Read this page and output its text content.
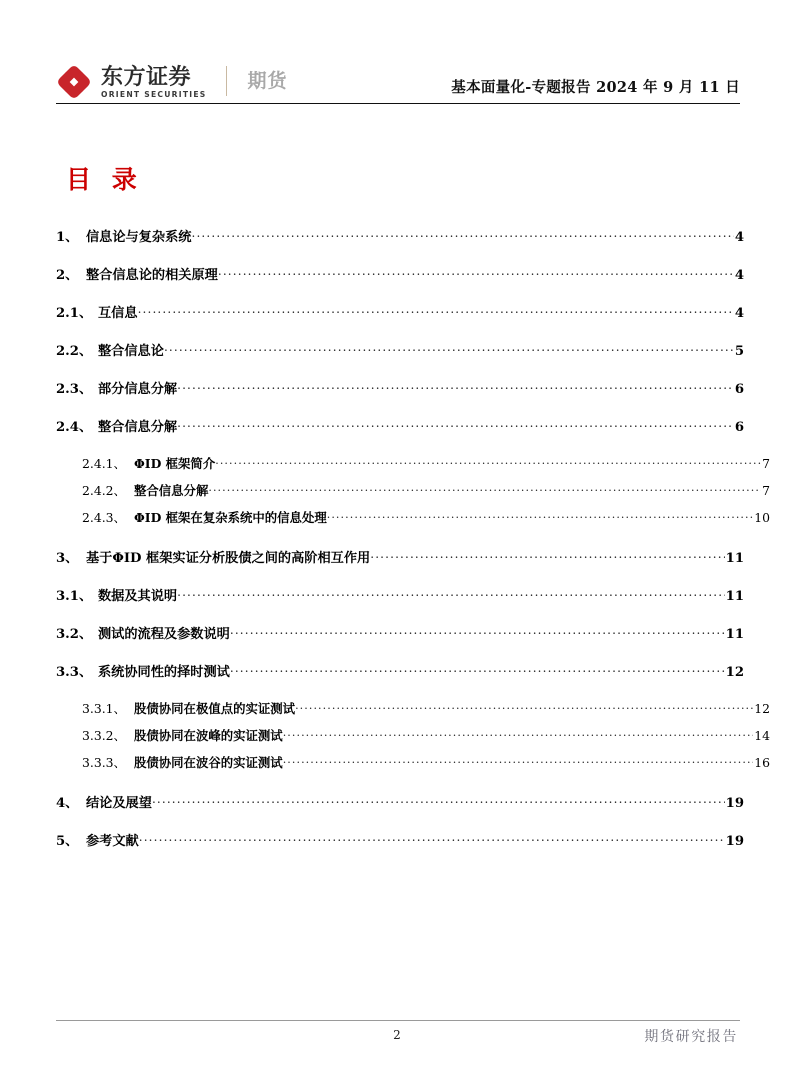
东方证券
ORIENT SECURITIES
期货	基本面量化-专题报告 2024 年 9 月 11 日
目 录
1、 信息论与复杂系统 .....	4
2、 整合信息论的相关原理 .....	4
2.1、 互信息 .....	4
2.2、 整合信息论 .....	5
2.3、 部分信息分解 .....	6
2.4、 整合信息分解 .....	6
2.4.1、 ΦID 框架简介 .....	7
2.4.2、 整合信息分解 .....	7
2.4.3、 ΦID 框架在复杂系统中的信息处理 .....	10
3、 基于ΦID 框架实证分析股债之间的高阶相互作用 .....	11
3.1、 数据及其说明 .....	11
3.2、 测试的流程及参数说明 .....	11
3.3、 系统协同性的择时测试 .....	12
3.3.1、 股债协同在极值点的实证测试 .....	12
3.3.2、 股债协同在波峰的实证测试 .....	14
3.3.3、 股债协同在波谷的实证测试 .....	16
4、 结论及展望 .....	19
5、 参考文献 .....	19
2	期货研究报告
